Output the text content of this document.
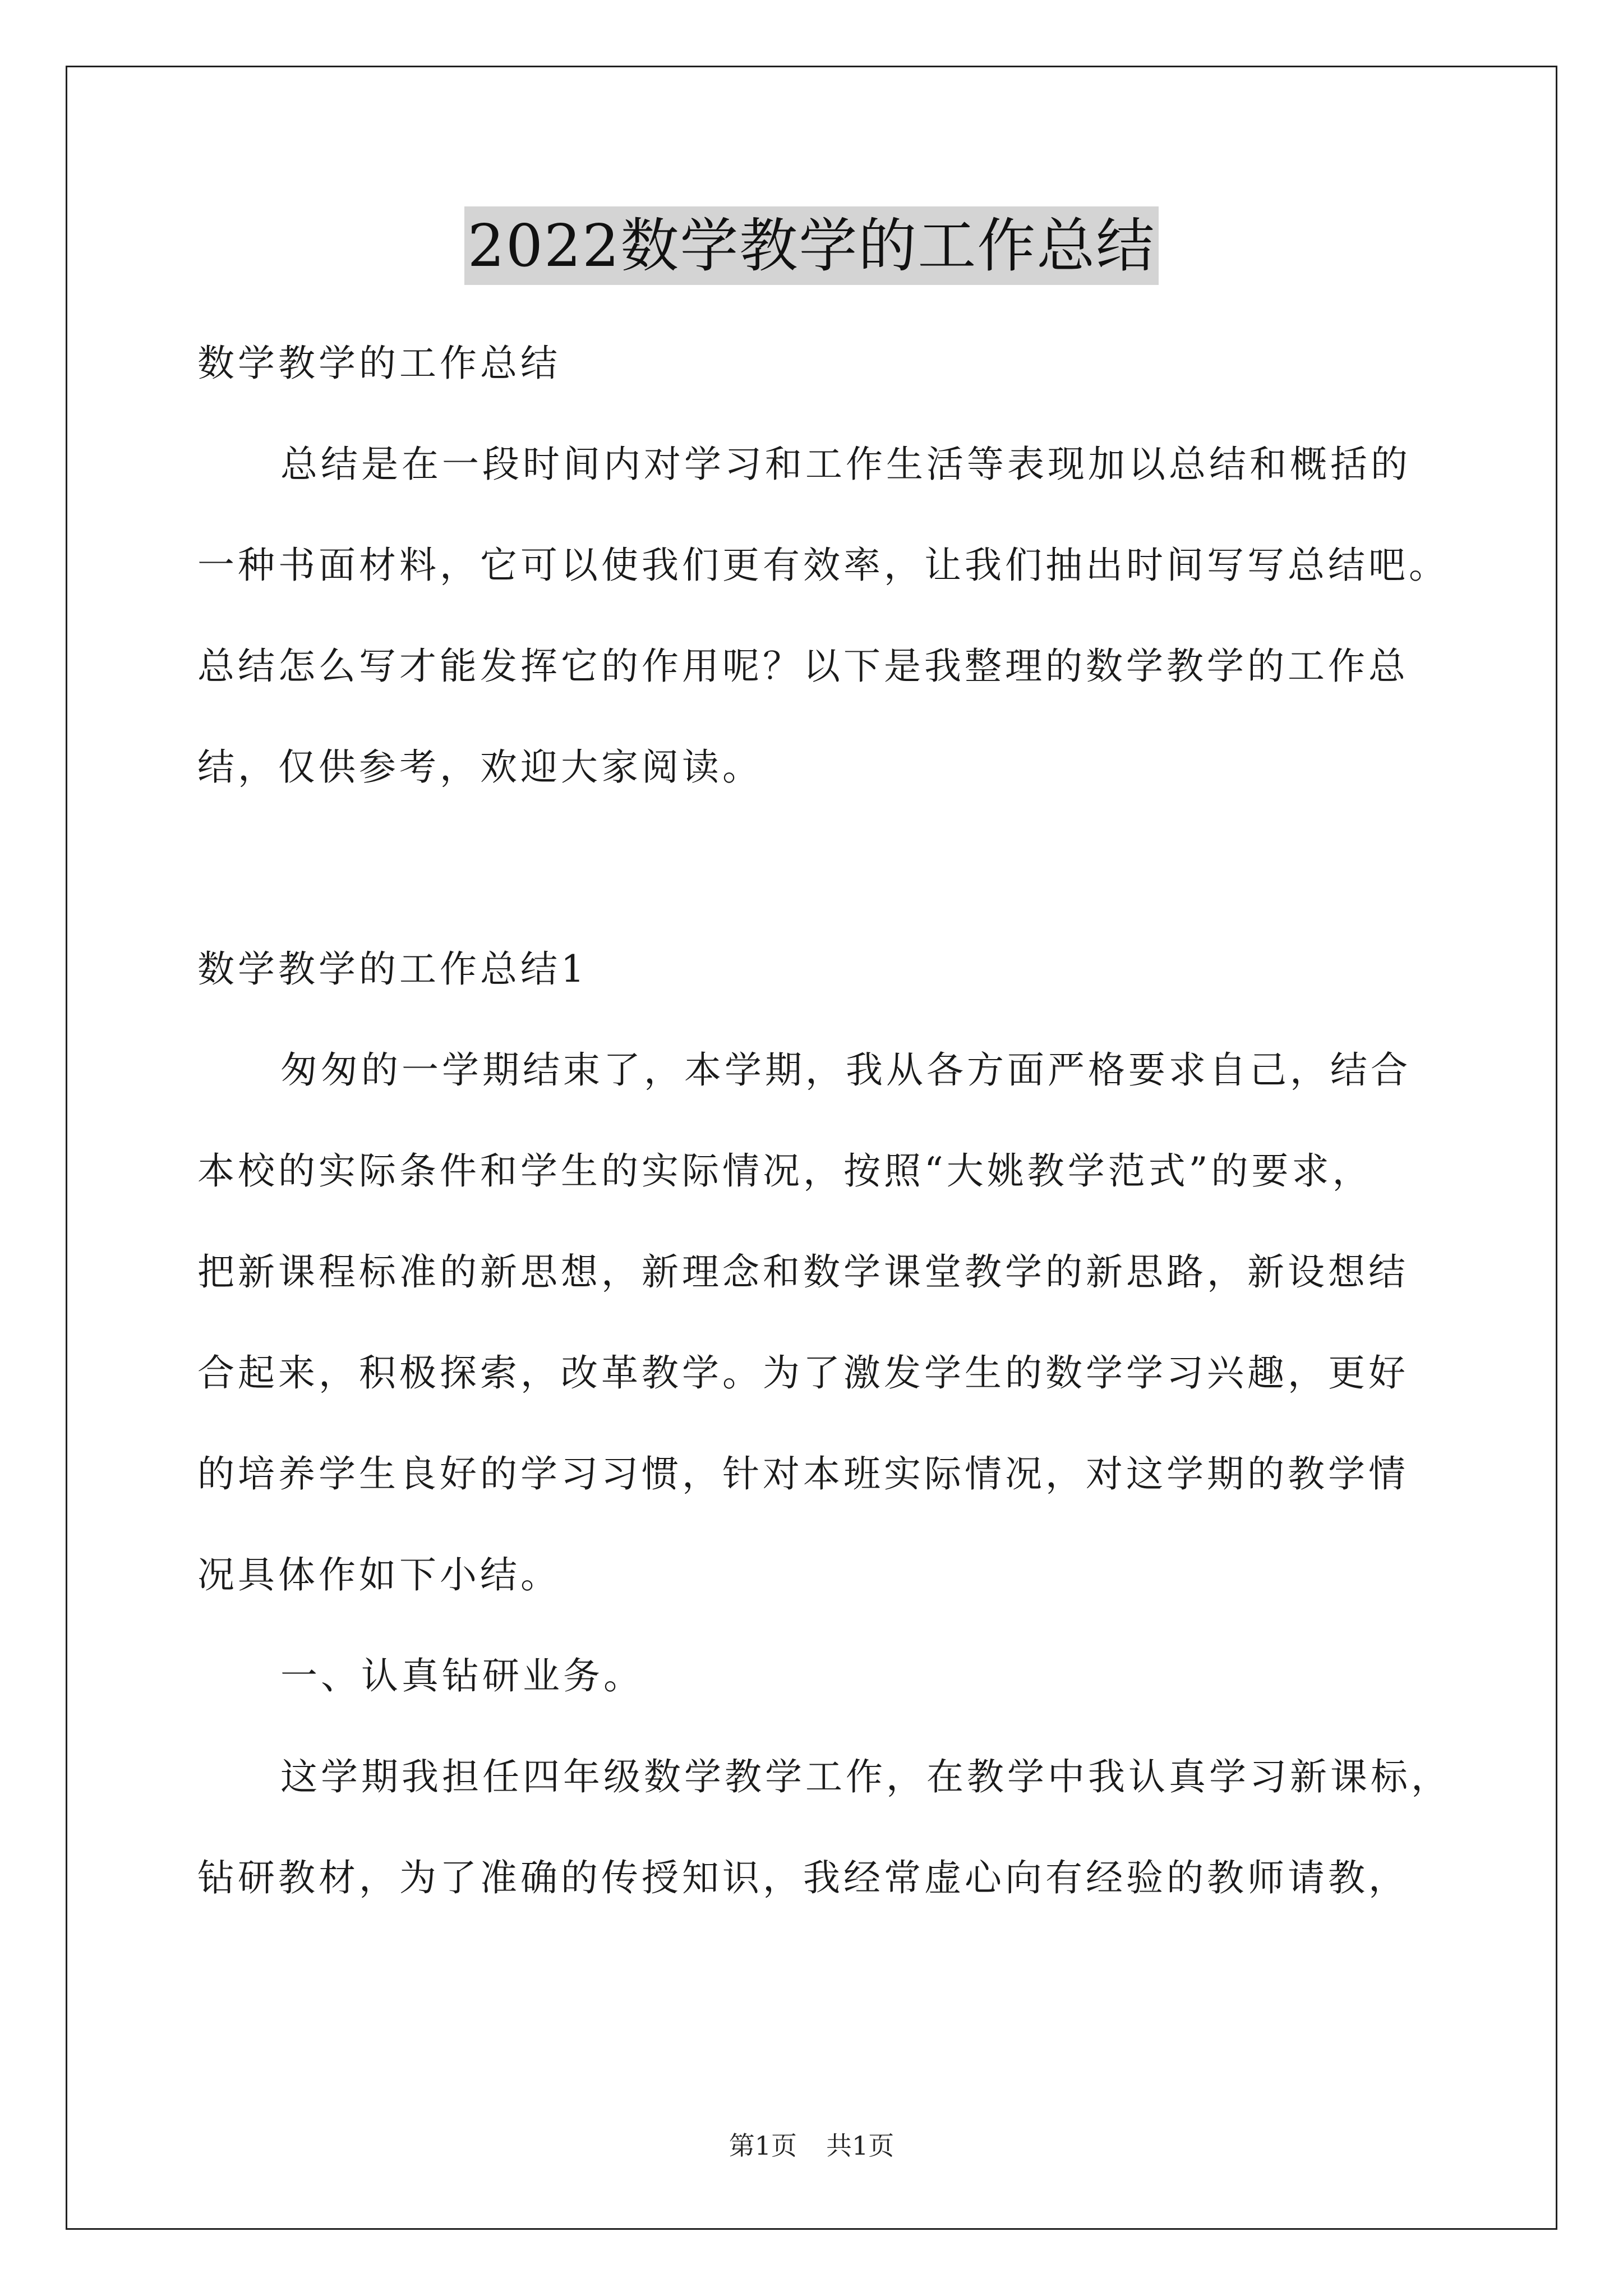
2022数学教学的工作总结
数学教学的工作总结
总结是在一段时间内对学习和工作生活等表现加以总结和概括的
一种书面材料，它可以使我们更有效率，让我们抽出时间写写总结吧。
总结怎么写才能发挥它的作用呢？以下是我整理的数学教学的工作总
结，仅供参考，欢迎大家阅读。
数学教学的工作总结1
匆匆的一学期结束了，本学期，我从各方面严格要求自己，结合
本校的实际条件和学生的实际情况，按照“大姚教学范式”的要求，
把新课程标准的新思想，新理念和数学课堂教学的新思路，新设想结
合起来，积极探索，改革教学。为了激发学生的数学学习兴趣，更好
的培养学生良好的学习习惯，针对本班实际情况，对这学期的教学情
况具体作如下小结。
一、认真钻研业务。
这学期我担任四年级数学教学工作，在教学中我认真学习新课标，
钻研教材，为了准确的传授知识，我经常虚心向有经验的教师请教，
第1页 共1页
